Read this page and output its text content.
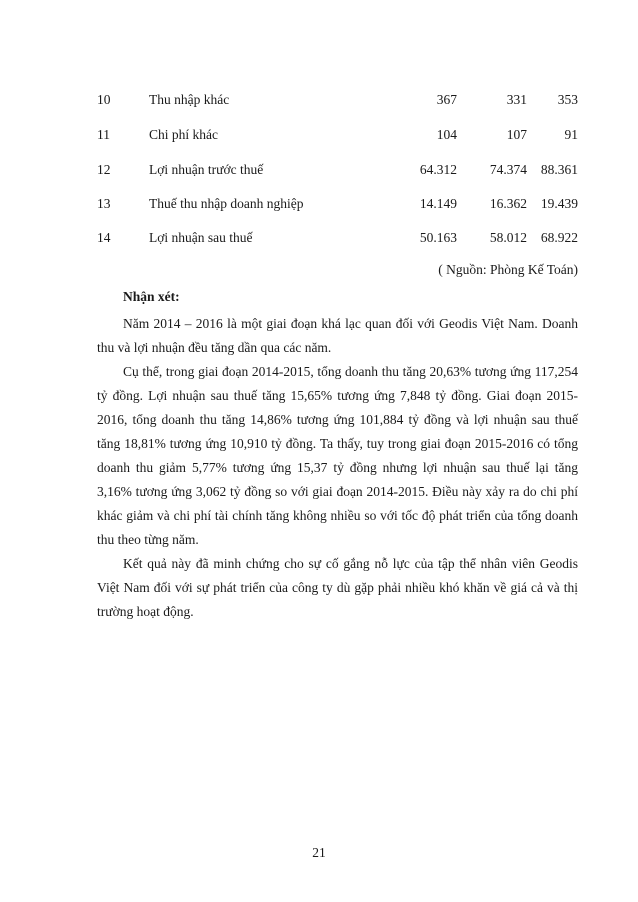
10	Thu nhập khác	367	331 353
11	Chi phí khác	104	107	91
12	Lợi nhuận trước thuế	64.312 74.374 88.361
13	Thuế thu nhập doanh nghiệp	14.149 16.362 19.439
14	Lợi nhuận sau thuế	50.163 58.012 68.922
( Nguồn: Phòng Kế Toán)
Nhận xét:

Năm 2014 – 2016 là một giai đoạn khá lạc quan đối với Geodis Việt Nam. Doanh thu và lợi nhuận đều tăng dần qua các năm.

Cụ thể, trong giai đoạn 2014-2015, tổng doanh thu tăng 20,63% tương ứng 117,254 tỷ đồng. Lợi nhuận sau thuế tăng 15,65% tương ứng 7,848 tỷ đồng. Giai đoạn 2015-2016, tổng doanh thu tăng 14,86% tương ứng 101,884 tỷ đồng và lợi nhuận sau thuế tăng 18,81% tương ứng 10,910 tỷ đồng. Ta thấy, tuy trong giai đoạn 2015-2016 có tổng doanh thu giảm 5,77% tương ứng 15,37 tỷ đồng nhưng lợi nhuận sau thuế lại tăng 3,16% tương ứng 3,062 tỷ đồng so với giai đoạn 2014-2015. Điều này xảy ra do chi phí khác giảm và chi phí tài chính tăng không nhiều so với tốc độ phát triển của tổng doanh thu theo từng năm.

Kết quả này đã minh chứng cho sự cố gắng nỗ lực của tập thể nhân viên Geodis Việt Nam đối với sự phát triển của công ty dù gặp phải nhiều khó khăn về giá cả và thị trường hoạt động.

21
